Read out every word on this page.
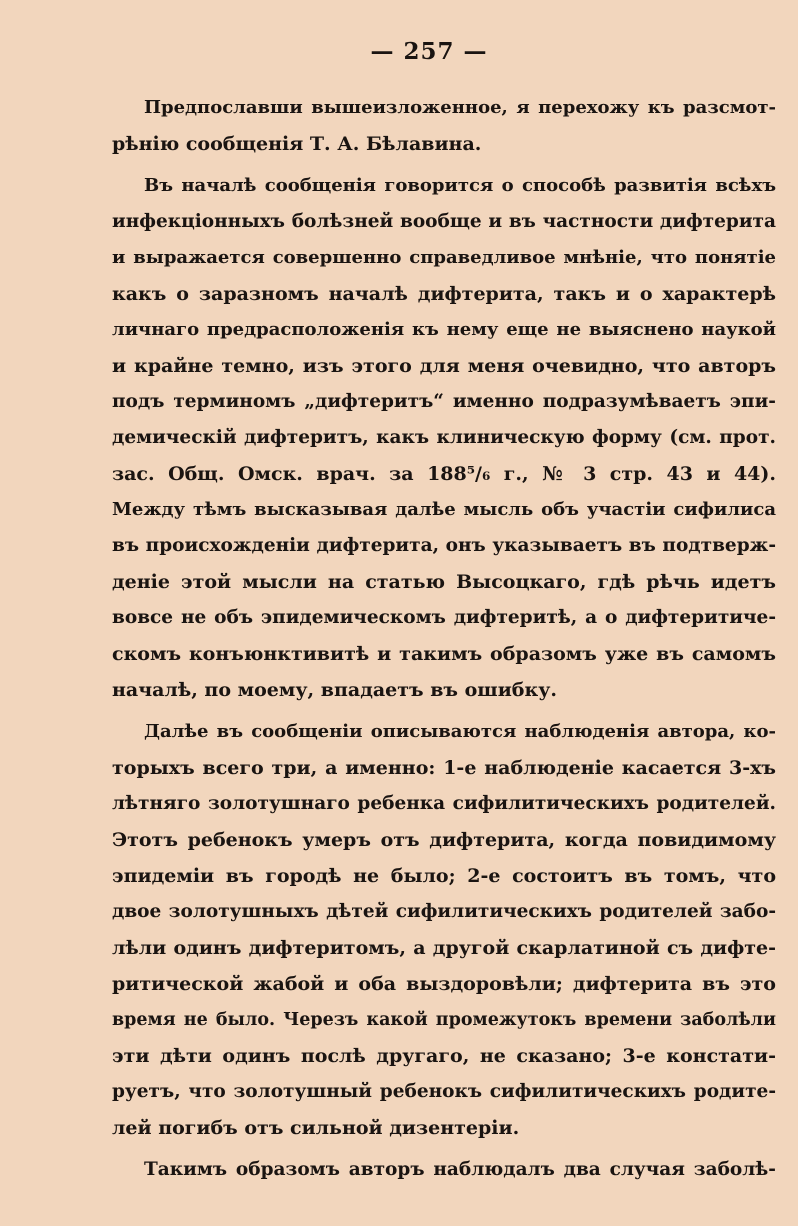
— 257 —
Предпославши вышеизложенное, я перехожу къ разсмот-
рѣнію сообщенія Т. А. Бѣлавина.
Въ началѣ сообщенія говорится о способѣ развитія всѣхъ
инфекціонныхъ болѣзней вообще и въ частности дифтерита
и выражается совершенно справедливое мнѣніе, что понятіе
какъ о заразномъ началѣ дифтерита, такъ и о характерѣ
личнаго предрасположенія къ нему еще не выяснено наукой
и крайне темно, изъ этого для меня очевидно, что авторъ
подъ терминомъ „дифтеритъ“ именно подразумѣваетъ эпи-
демическій дифтеритъ, какъ клиническую форму (см. прот.
зас. Общ. Омск. врач. за 188⁵/₆ г., № 3 стр. 43 и 44).
Между тѣмъ высказывая далѣе мысль объ участіи сифилиса
въ происхожденіи дифтерита, онъ указываетъ въ подтверж-
деніе этой мысли на статью Высоцкаго, гдѣ рѣчь идетъ
вовсе не объ эпидемическомъ дифтеритѣ, а о дифтеритиче-
скомъ конъюнктивитѣ и такимъ образомъ уже въ самомъ
началѣ, по моему, впадаетъ въ ошибку.
Далѣе въ сообщеніи описываются наблюденія автора, ко-
торыхъ всего три, а именно: 1-е наблюденіе касается 3-хъ
лѣтняго золотушнаго ребенка сифилитическихъ родителей.
Этотъ ребенокъ умеръ отъ дифтерита, когда повидимому
эпидеміи въ городѣ не было; 2-е состоитъ въ томъ, что
двое золотушныхъ дѣтей сифилитическихъ родителей забо-
лѣли одинъ дифтеритомъ, а другой скарлатиной съ дифте-
ритической жабой и оба выздоровѣли; дифтерита въ это
время не было. Черезъ какой промежутокъ времени заболѣли
эти дѣти одинъ послѣ другаго, не сказано; 3-е констати-
руетъ, что золотушный ребенокъ сифилитическихъ родите-
лей погибъ отъ сильной дизентеріи.
Такимъ образомъ авторъ наблюдалъ два случая заболѣ-
